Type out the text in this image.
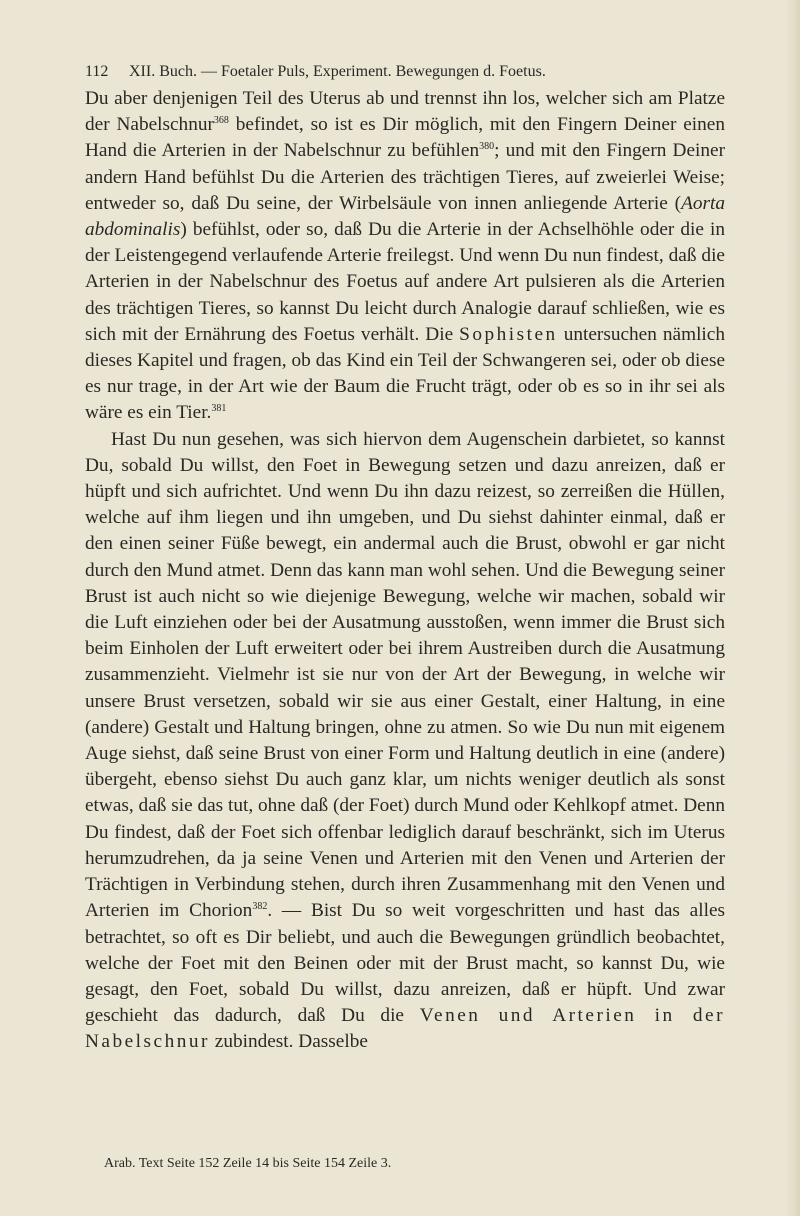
112 XII. Buch. — Foetaler Puls, Experiment. Bewegungen d. Foetus.

Du aber denjenigen Teil des Uterus ab und trennst ihn los, welcher sich am Platze der Nabelschnur$^{368}$ befindet, so ist es Dir möglich, mit den Fingern Deiner einen Hand die Arterien in der Nabelschnur zu befühlen$^{380}$; und mit den Fingern Deiner andern Hand befühlst Du die Arterien des trächtigen Tieres, auf zweierlei Weise; entweder so, daß Du seine, der Wirbelsäule von innen anliegende Arterie (Aorta abdominalis) befühlst, oder so, daß Du die Arterie in der Achselhöhle oder die in der Leistengegend verlaufende Arterie freilegst. Und wenn Du nun findest, daß die Arterien in der Nabelschnur des Foetus auf andere Art pulsieren als die Arterien des trächtigen Tieres, so kannst Du leicht durch Analogie darauf schließen, wie es sich mit der Ernährung des Foetus verhält. Die Sophisten untersuchen nämlich dieses Kapitel und fragen, ob das Kind ein Teil der Schwangeren sei, oder ob diese es nur trage, in der Art wie der Baum die Frucht trägt, oder ob es so in ihr sei als wäre es ein Tier.$^{381}$

Hast Du nun gesehen, was sich hiervon dem Augenschein darbietet, so kannst Du, sobald Du willst, den Foet in Bewegung setzen und dazu anreizen, daß er hüpft und sich aufrichtet. Und wenn Du ihn dazu reizest, so zerreißen die Hüllen, welche auf ihm liegen und ihn umgeben, und Du siehst dahinter einmal, daß er den einen seiner Füße bewegt, ein andermal auch die Brust, obwohl er gar nicht durch den Mund atmet. Denn das kann man wohl sehen. Und die Bewegung seiner Brust ist auch nicht so wie diejenige Bewegung, welche wir machen, sobald wir die Luft einziehen oder bei der Ausatmung ausstoßen, wenn immer die Brust sich beim Einholen der Luft erweitert oder bei ihrem Austreiben durch die Ausatmung zusammenzieht. Vielmehr ist sie nur von der Art der Bewegung, in welche wir unsere Brust versetzen, sobald wir sie aus einer Gestalt, einer Haltung, in eine (andere) Gestalt und Haltung bringen, ohne zu atmen. So wie Du nun mit eigenem Auge siehst, daß seine Brust von einer Form und Haltung deutlich in eine (andere) übergeht, ebenso siehst Du auch ganz klar, um nichts weniger deutlich als sonst etwas, daß sie das tut, ohne daß (der Foet) durch Mund oder Kehlkopf atmet. Denn Du findest, daß der Foet sich offenbar lediglich darauf beschränkt, sich im Uterus herumzudrehen, da ja seine Venen und Arterien mit den Venen und Arterien der Trächtigen in Verbindung stehen, durch ihren Zusammenhang mit den Venen und Arterien im Chorion$^{382}$. — Bist Du so weit vorgeschritten und hast das alles betrachtet, so oft es Dir beliebt, und auch die Bewegungen gründlich beobachtet, welche der Foet mit den Beinen oder mit der Brust macht, so kannst Du, wie gesagt, den Foet, sobald Du willst, dazu anreizen, daß er hüpft. Und zwar geschieht das dadurch, daß Du die Venen und Arterien in der Nabelschnur zubindest. Dasselbe

Arab. Text Seite 152 Zeile 14 bis Seite 154 Zeile 3.
